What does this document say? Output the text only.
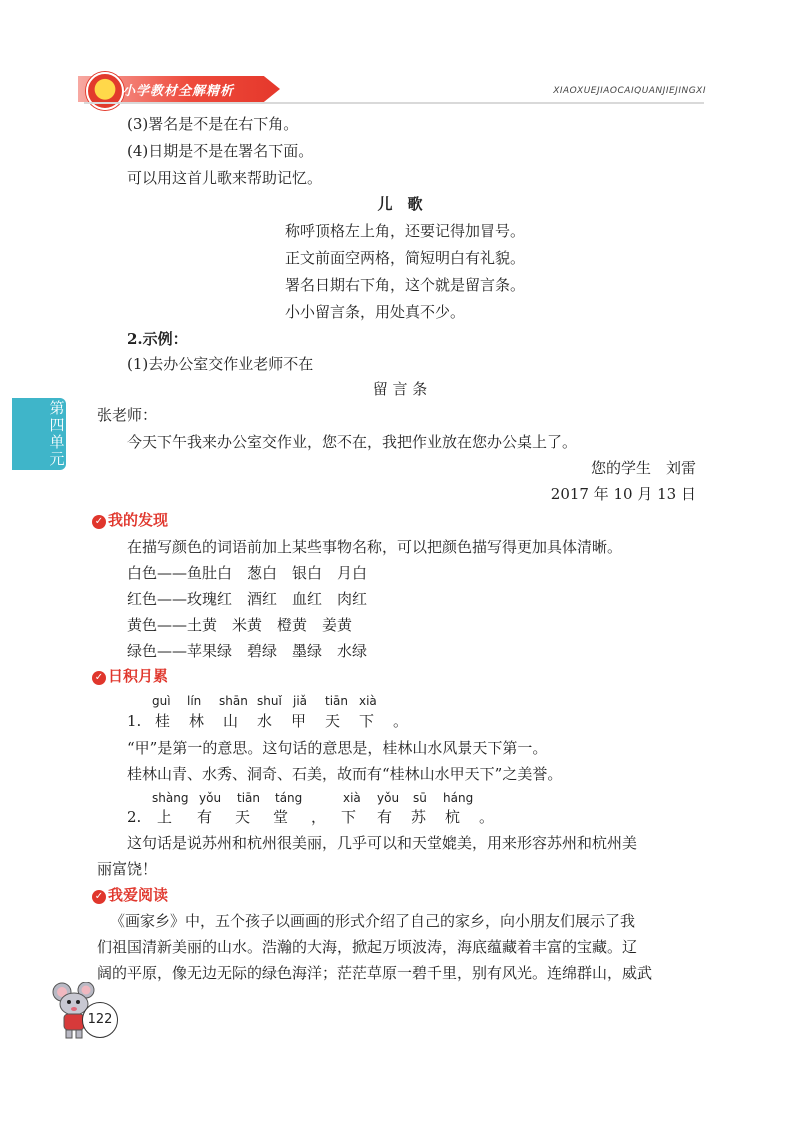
小学教材全解精析	XIAOXUEJIAOCAIQUANJIEJINGXI
第
四
单
元
(3)署名是不是在右下角。
(4)日期是不是在署名下面。
可以用这首儿歌来帮助记忆。
儿　歌
称呼顶格左上角，还要记得加冒号。
正文前面空两格，简短明白有礼貌。
署名日期右下角，这个就是留言条。
小小留言条，用处真不少。
2.示例：
(1)去办公室交作业老师不在
留 言 条
张老师：
今天下午我来办公室交作业，您不在，我把作业放在您办公桌上了。
您的学生　刘雷
2017 年 10 月 13 日
✓ 我的发现
在描写颜色的词语前加上某些事物名称，可以把颜色描写得更加具体清晰。
白色——鱼肚白　葱白　银白　月白
红色——玫瑰红　酒红　血红　肉红
黄色——土黄　米黄　橙黄　姜黄
绿色——苹果绿　碧绿　墨绿　水绿
✓ 日积月累
guì lín shān shuǐ jiǎ tiān xià
1. 桂 林 山 水 甲 天 下 。
“甲”是第一的意思。这句话的意思是，桂林山水风景天下第一。
桂林山青、水秀、洞奇、石美，故而有“桂林山水甲天下”之美誉。
shàng yǒu tiān táng	xià yǒu sū háng
2. 上 有 天 堂 ， 下 有 苏 杭 。
这句话是说苏州和杭州很美丽，几乎可以和天堂媲美，用来形容苏州和杭州美
丽富饶！
✓ 我爱阅读
《画家乡》中，五个孩子以画画的形式介绍了自己的家乡，向小朋友们展示了我
们祖国清新美丽的山水。浩瀚的大海，掀起万顷波涛，海底蕴藏着丰富的宝藏。辽
阔的平原，像无边无际的绿色海洋；茫茫草原一碧千里，别有风光。连绵群山，威武
122
